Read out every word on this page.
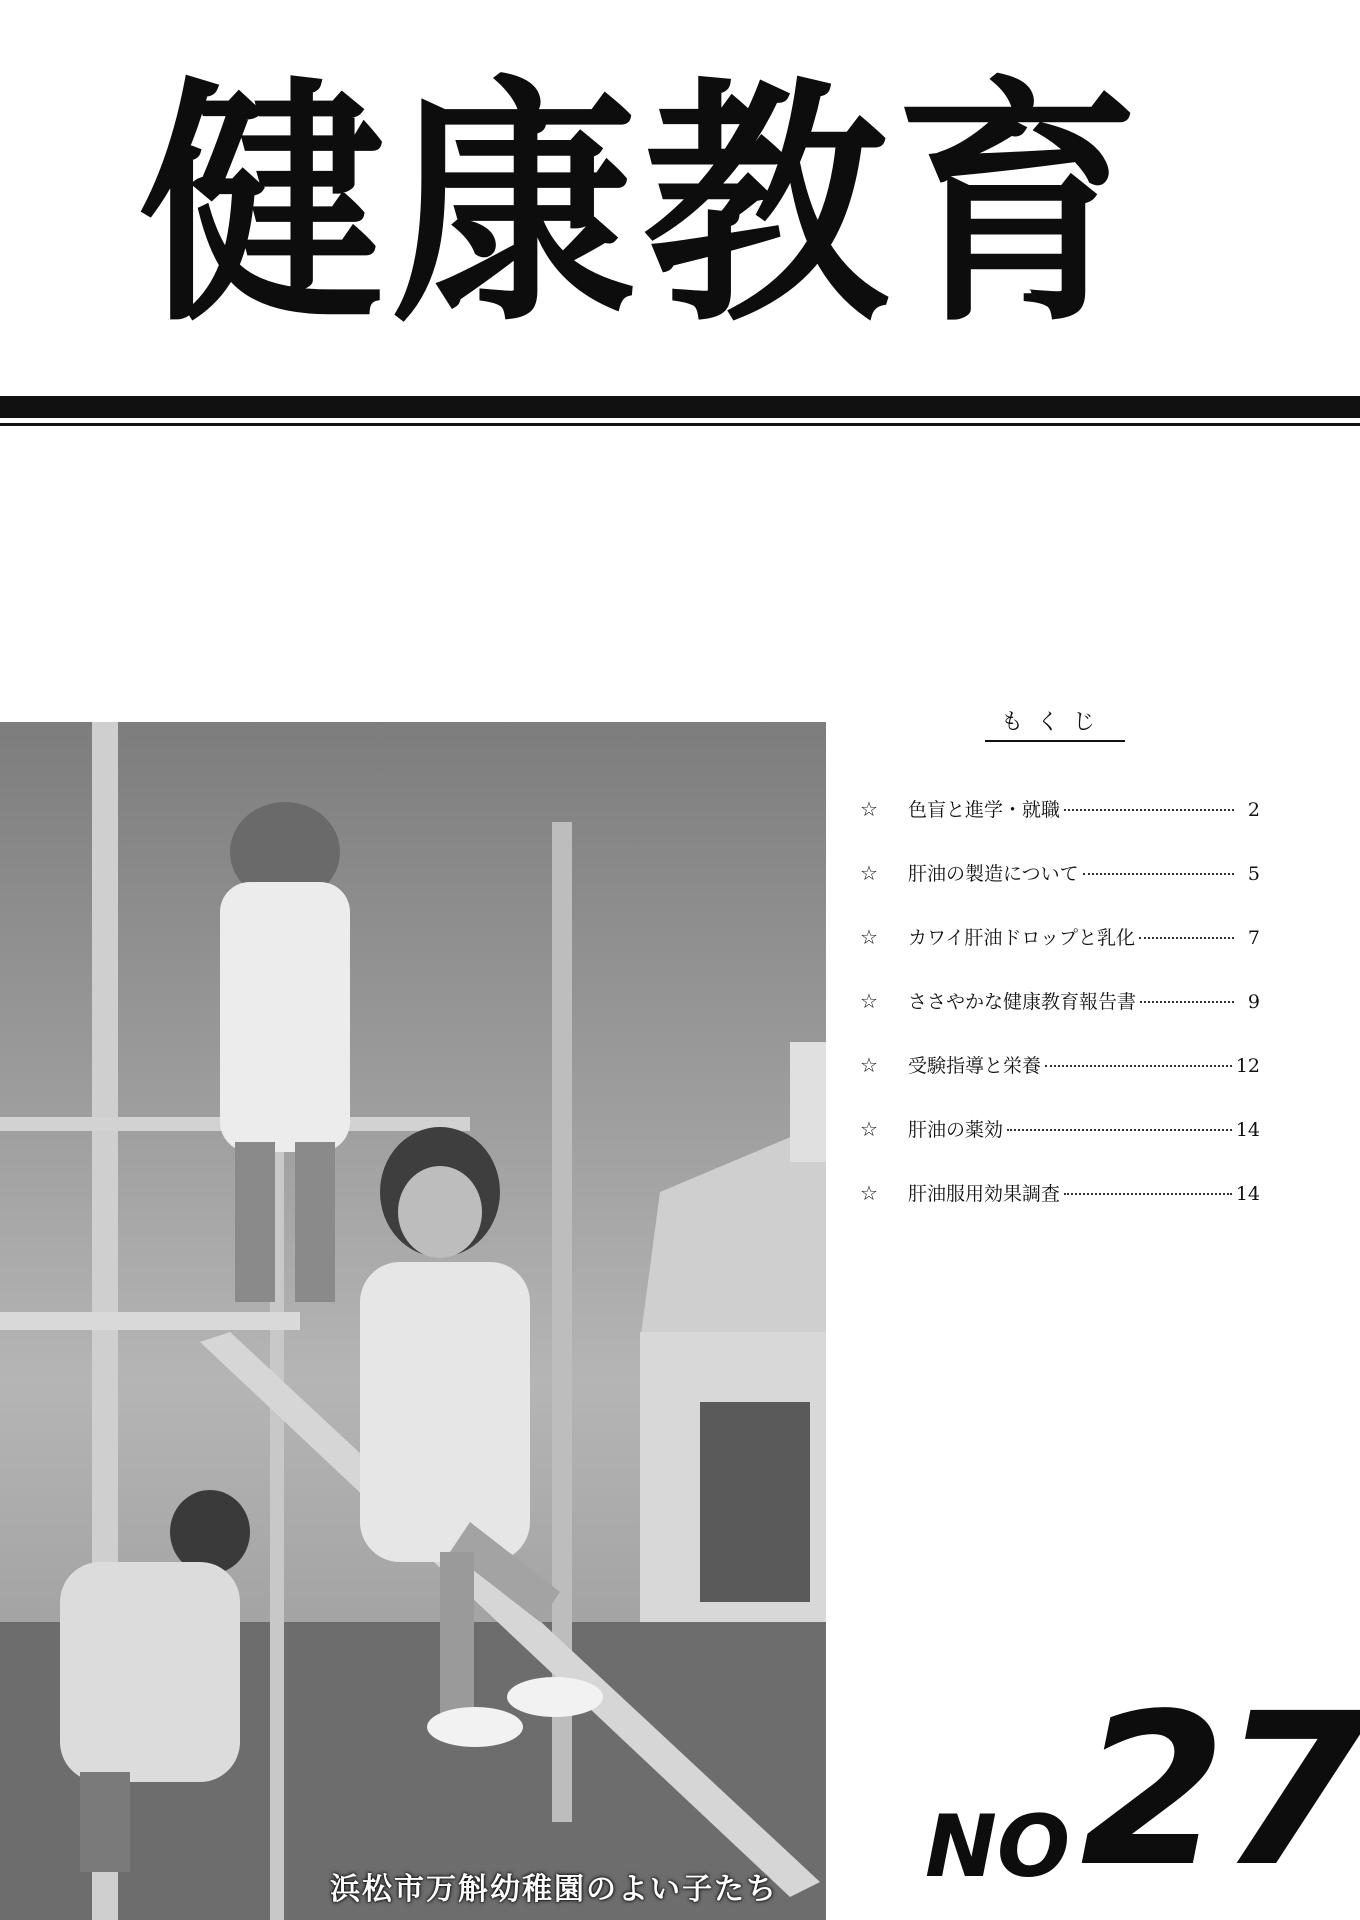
健 康 教 育
もくじ
☆	色盲と進学・就職	2
☆	肝油の製造について	5
☆	カワイ肝油ドロップと乳化	7
☆	ささやかな健康教育報告書	9
☆	受験指導と栄養	12
☆	肝油の薬効	14
☆	肝油服用効果調査	14
浜松市万斛幼稚園のよい子たち NO 27
